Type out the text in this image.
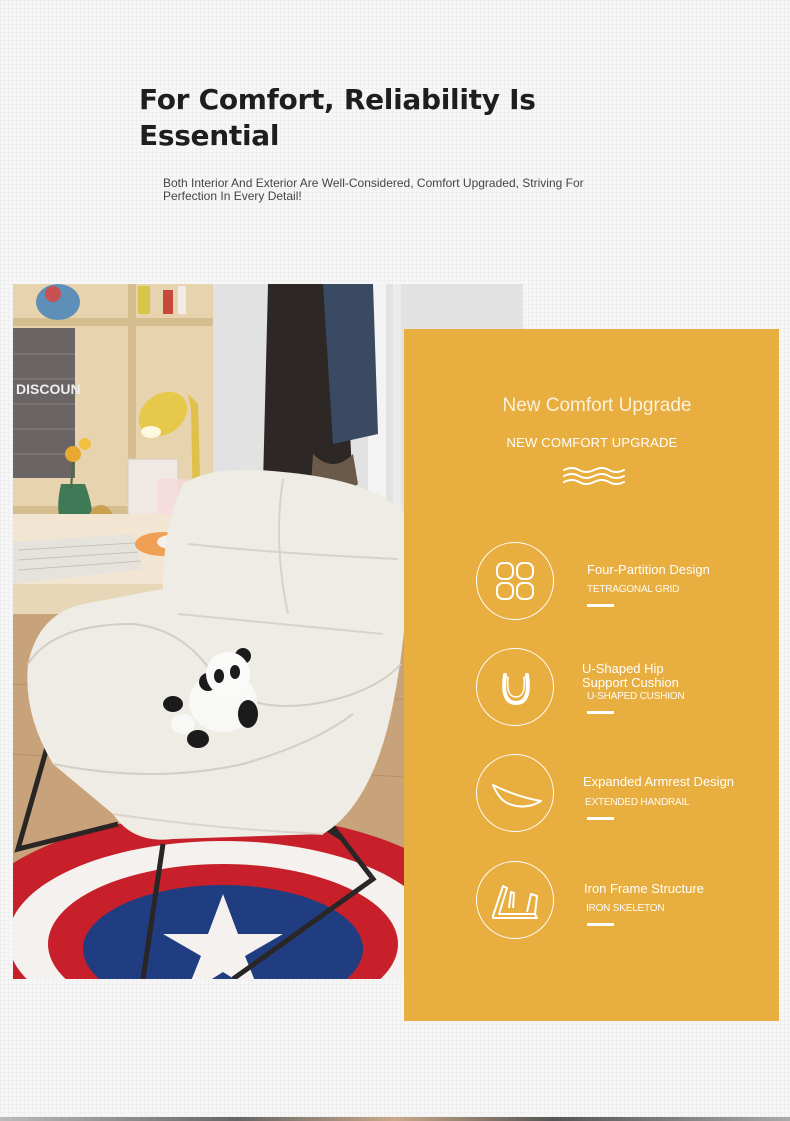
For Comfort, Reliability Is Essential
Both Interior And Exterior Are Well-Considered, Comfort Upgraded, Striving For Perfection In Every Detail!
DISCOUN
New Comfort Upgrade
NEW COMFORT UPGRADE
Four-Partition Design
TETRAGONAL GRID
U-Shaped Hip Support Cushion
U-SHAPED CUSHION
Expanded Armrest Design
EXTENDED HANDRAIL
Iron Frame Structure
IRON SKELETON
